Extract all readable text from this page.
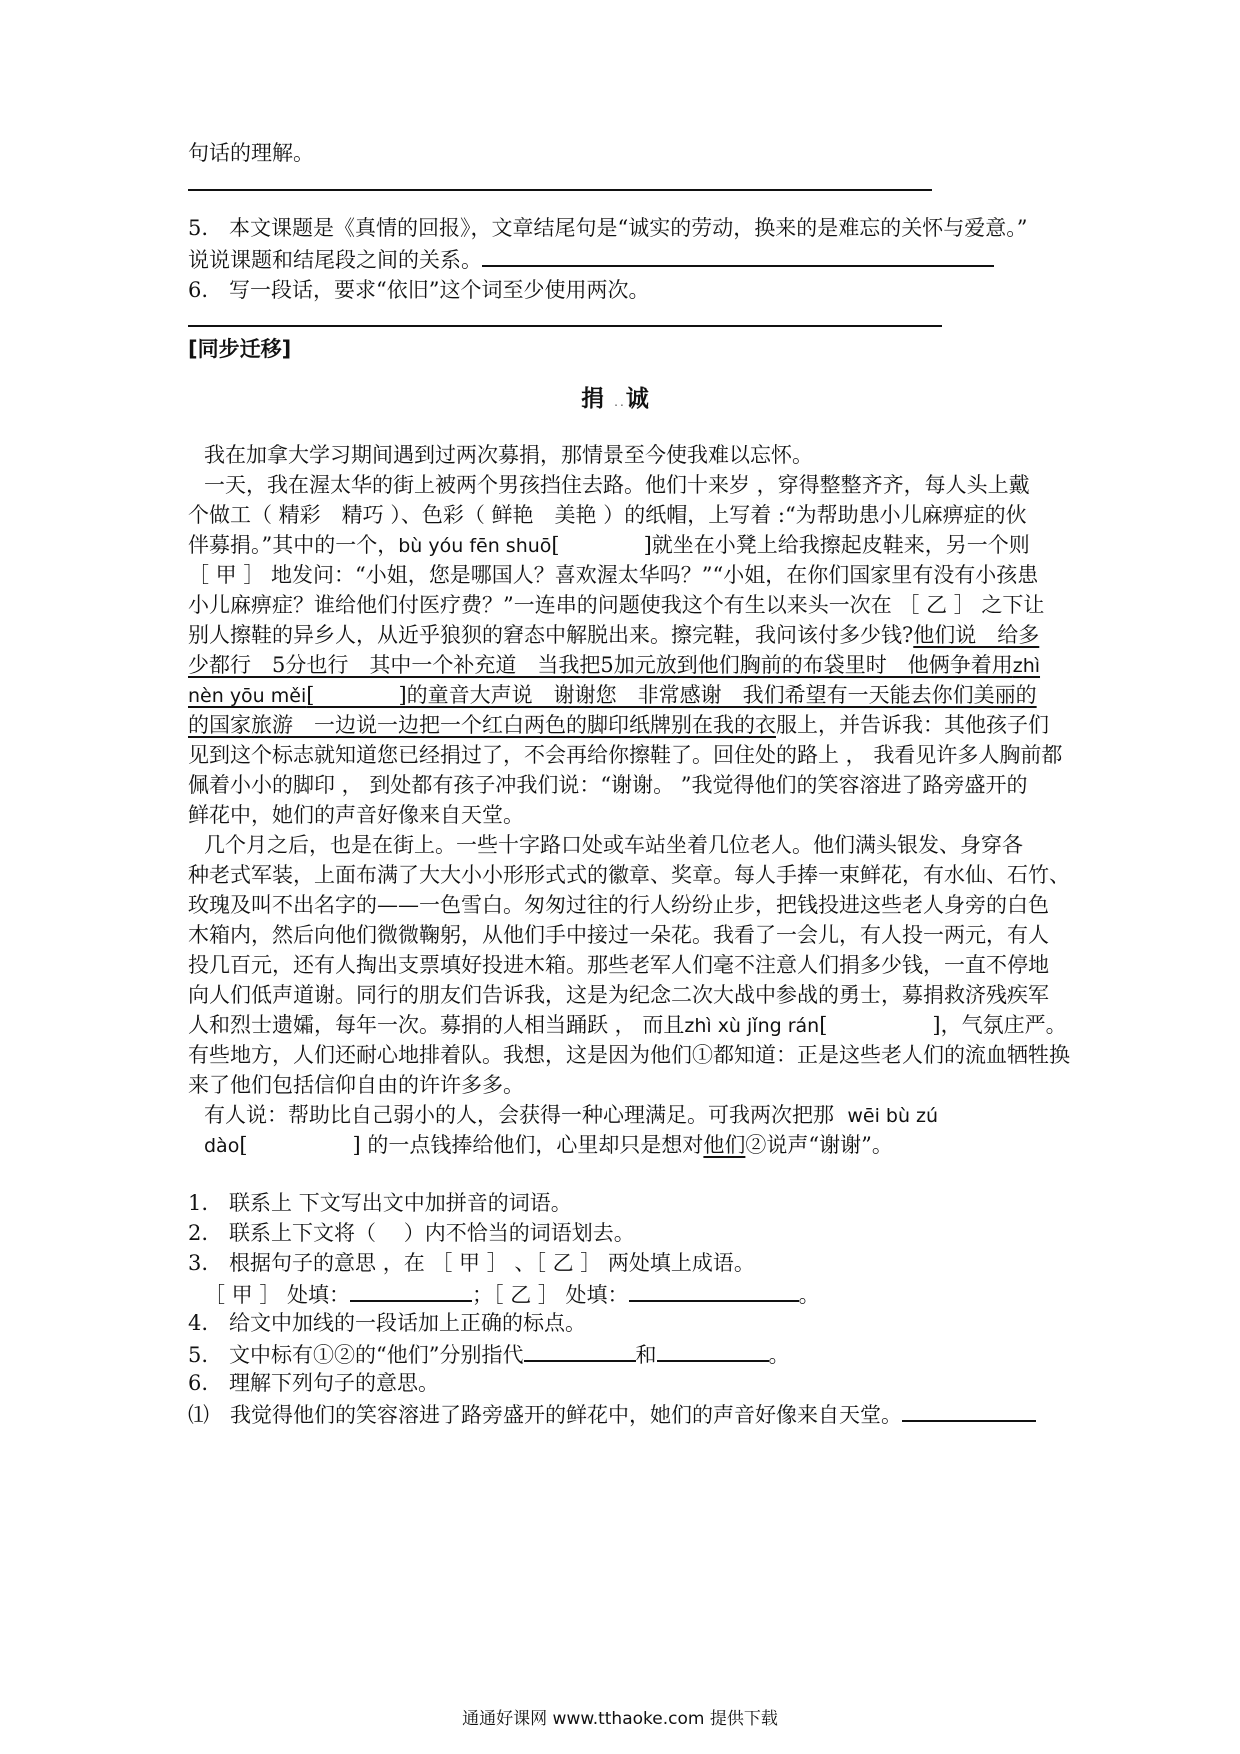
句话的理解。
5.　本文课题是《真情的回报》，文章结尾句是“诚实的劳动，换来的是难忘的关怀与爱意。”
说说课题和结尾段之间的关系。
6.　写一段话，要求“依旧”这个词至少使用两次。
[同步迁移]
捐..诚
我在加拿大学习期间遇到过两次募捐，那情景至今使我难以忘怀。
一天，我在渥太华的街上被两个男孩挡住去路。他们十来岁 ，穿得整整齐齐，每人头上戴
个做工（ 精彩　精巧 ）、色彩（ 鲜艳　美艳 ）的纸帽，上写着 :“为帮助患小儿麻痹症的伙
伴募捐。”其中的一个，bù yóu fēn shuō[　　　　]就坐在小凳上给我擦起皮鞋来，另一个则
［ 甲 ］ 地发问：“小姐，您是哪国人？喜欢渥太华吗？”“小姐，在你们国家里有没有小孩患
小儿麻痹症？谁给他们付医疗费？”一连串的问题使我这个有生以来头一次在 ［ 乙 ］ 之下让
别人擦鞋的异乡人，从近乎狼狈的窘态中解脱出来。擦完鞋，我问该付多少钱?他们说　给多
少都行　5分也行　其中一个补充道　当我把5加元放到他们胸前的布袋里时　他俩争着用zhì
nèn yōu měi[　　　　]的童音大声说　谢谢您　非常感谢　我们希望有一天能去你们美丽的
的国家旅游　一边说一边把一个红白两色的脚印纸牌别在我的衣服上，并告诉我：其他孩子们
见到这个标志就知道您已经捐过了，不会再给你擦鞋了。回住处的路上 ， 我看见许多人胸前都
佩着小小的脚印 ， 到处都有孩子冲我们说：“谢谢。 ”我觉得他们的笑容溶进了路旁盛开的
鲜花中，她们的声音好像来自天堂。
几个月之后，也是在街上。一些十字路口处或车站坐着几位老人。他们满头银发、身穿各
种老式军装，上面布满了大大小小形形式式的徽章、奖章。每人手捧一束鲜花，有水仙、石竹、
玫瑰及叫不出名字的——一色雪白。匆匆过往的行人纷纷止步，把钱投进这些老人身旁的白色
木箱内，然后向他们微微鞠躬，从他们手中接过一朵花。我看了一会儿，有人投一两元，有人
投几百元，还有人掏出支票填好投进木箱。那些老军人们毫不注意人们捐多少钱，一直不停地
向人们低声道谢。同行的朋友们告诉我，这是为纪念二次大战中参战的勇士，募捐救济残疾军
人和烈士遗孀，每年一次。募捐的人相当踊跃 ， 而且zhì xù jǐng rán[　　　　　]，气氛庄严。
有些地方，人们还耐心地排着队。我想，这是因为他们①都知道：正是这些老人们的流血牺牲换
来了他们包括信仰自由的许许多多。
有人说：帮助比自己弱小的人，会获得一种心理满足。可我两次把那 wēi bù zú
dào[　　　　　] 的一点钱捧给他们，心里却只是想对他们②说声“谢谢”。
1.　联系上 下文写出文中加拼音的词语。
2.　联系上下文将（　 ）内不恰当的词语划去。
3.　根据句子的意思 ，在 ［ 甲 ］ 、［ 乙 ］ 两处填上成语。
［ 甲 ］ 处填：	；［ 乙 ］ 处填：	。
4.　给文中加线的一段话加上正确的标点。
5.　文中标有①②的“他们”分别指代	和	。
6.　理解下列句子的意思。
⑴　我觉得他们的笑容溶进了路旁盛开的鲜花中，她们的声音好像来自天堂。
通通好课网 www.tthaoke.com 提供下载
